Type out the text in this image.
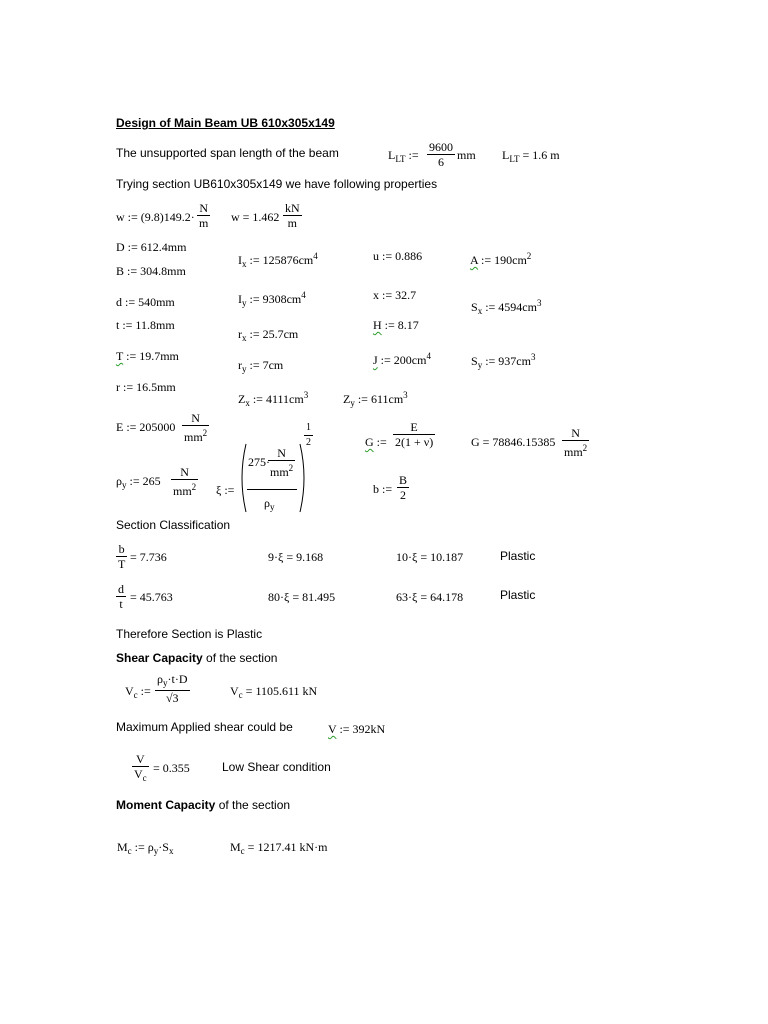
Design of Main Beam UB 610x305x149
The unsupported span length of the beam	$L_{LT}$ := $\frac{9600}{6}$ mm $L_{LT} = 1.6$ m
Trying section UB610x305x149 we have following properties
w := $(9.8)149.2\cdot \frac{N}{m}$ $w = 1.462 \frac{kN}{m}$
D := 612.4mm
B := 304.8mm
d := 540mm
t := 11.8mm
T := 19.7mm
r := 16.5mm
$I_x$ := $125876cm^4$
$I_y$ := $9308cm^4$
$r_x$ := 25.7cm
$r_y$ := 7cm
$Z_x$ := $4111cm^3$	$Z_y$ := $611cm^3$
u := 0.886
x := 32.7
H := 8.17
J := $200cm^4$
A := $190cm^2$
$S_x$ := $4594cm^3$
$S_y$ := $937cm^3$
E := $205000 \frac{N}{mm^2}$
$\rho_y$ := $265 \frac{N}{mm^2}$ ξ :=
275·
$\frac{N}{mm^2}$
$\rho_y$
$\frac{1}{2}$	G := $\frac{E}{2(1 + \nu)}$	$G = 78846.15385 \frac{N}{mm^2}$
b := $\frac{B}{2}$
Section Classification
$\frac{b}{T} = 7.736$	9·ξ = 9.168	10·ξ = 10.187	Plastic
$\frac{d}{t} = 45.763$	80·ξ = 81.495	63·ξ = 64.178	Plastic
Therefore Section is Plastic
Shear Capacity of the section
$V_c$ := $\frac{\rho_y\cdot t\cdot D}{√3}$	$V_c = 1105.611$ kN
Maximum Applied shear could be	V := 392kN
$\frac{V}{V_c} = 0.355$	Low Shear condition
Moment Capacity of the section
$M_c$ := $\rho_y\cdot S_x$	$M_c = 1217.41$ kN·m
